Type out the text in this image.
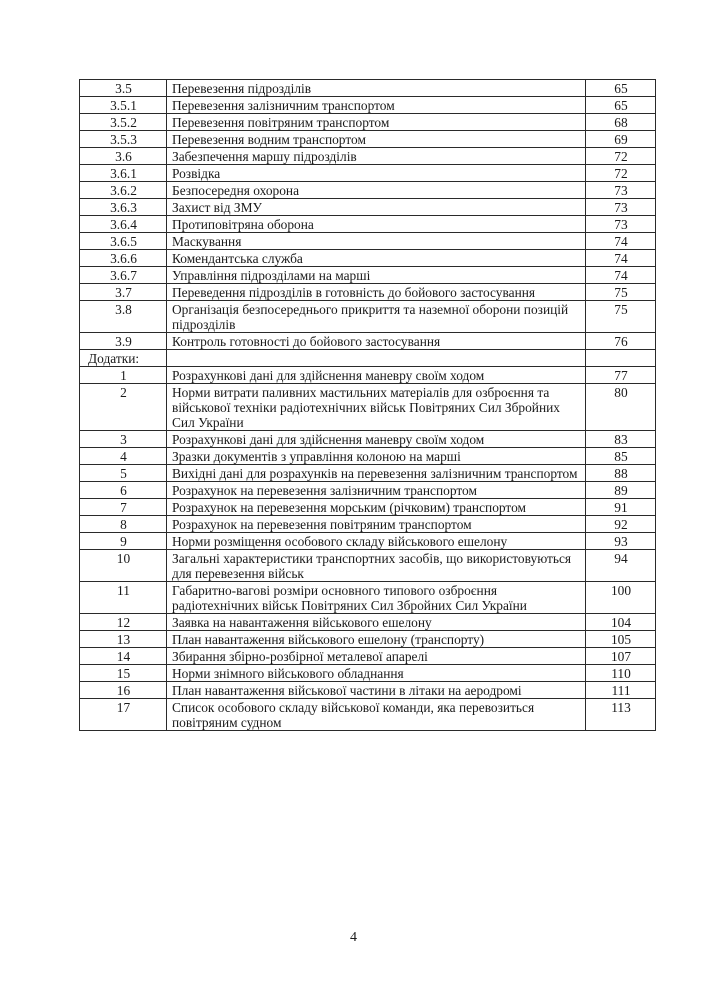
3.5	Перевезення підрозділів	65
3.5.1	Перевезення залізничним транспортом	65
3.5.2	Перевезення повітряним транспортом	68
3.5.3	Перевезення водним транспортом	69
3.6	Забезпечення маршу підрозділів	72
3.6.1	Розвідка	72
3.6.2	Безпосередня охорона	73
3.6.3	Захист від ЗМУ	73
3.6.4	Протиповітряна оборона	73
3.6.5	Маскування	74
3.6.6	Комендантська служба	74
3.6.7	Управління підрозділами на марші	74
3.7	Переведення підрозділів в готовність до бойового застосування	75
3.8	Організація безпосереднього прикриття та наземної оборони позицій підрозділів	75
3.9	Контроль готовності до бойового застосування	76
Додатки:		
1	Розрахункові дані для здійснення маневру своїм ходом	77
2	Норми витрати паливних мастильних матеріалів для озброєння та військової техніки радіотехнічних військ Повітряних Сил Збройних Сил України	80
3	Розрахункові дані для здійснення маневру своїм ходом	83
4	Зразки документів з управління колоною на марші	85
5	Вихідні дані для розрахунків на перевезення залізничним транспортом	88
6	Розрахунок на перевезення залізничним транспортом	89
7	Розрахунок на перевезення морським (річковим) транспортом	91
8	Розрахунок на перевезення повітряним транспортом	92
9	Норми розміщення особового складу військового ешелону	93
10	Загальні характеристики транспортних засобів, що використовуються для перевезення військ	94
11	Габаритно-вагові розміри основного типового озброєння радіотехнічних військ Повітряних Сил Збройних Сил України	100
12	Заявка на навантаження військового ешелону	104
13	План навантаження військового ешелону (транспорту)	105
14	Збирання збірно-розбірної металевої апарелі	107
15	Норми знімного військового обладнання	110
16	План навантаження військової частини в літаки на аеродромі	111
17	Список особового складу військової команди, яка перевозиться повітряним судном	113
4
